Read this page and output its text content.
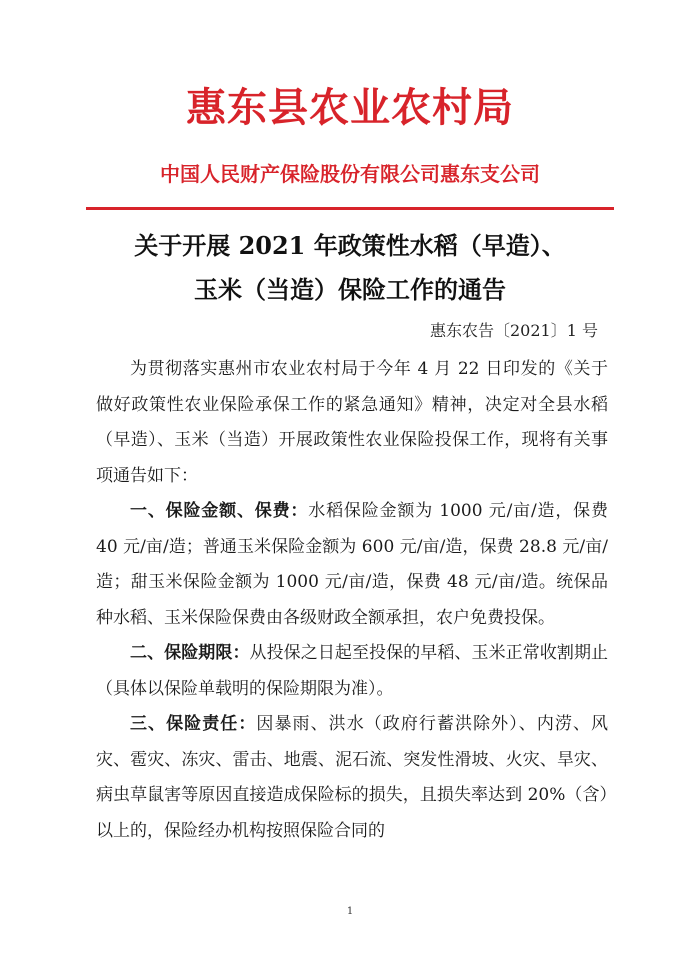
惠东县农业农村局
中国人民财产保险股份有限公司惠东支公司
关于开展 2021 年政策性水稻（早造）、
玉米（当造）保险工作的通告
惠东农告〔2021〕1 号

为贯彻落实惠州市农业农村局于今年 4 月 22 日印发的《关于做好政策性农业保险承保工作的紧急通知》精神，决定对全县水稻（早造）、玉米（当造）开展政策性农业保险投保工作，现将有关事项通告如下：

一、保险金额、保费：水稻保险金额为 1000 元/亩/造，保费 40 元/亩/造；普通玉米保险金额为 600 元/亩/造，保费 28.8 元/亩/造；甜玉米保险金额为 1000 元/亩/造，保费 48 元/亩/造。统保品种水稻、玉米保险保费由各级财政全额承担，农户免费投保。

二、保险期限：从投保之日起至投保的早稻、玉米正常收割期止（具体以保险单载明的保险期限为准）。

三、保险责任：因暴雨、洪水（政府行蓄洪除外）、内涝、风灾、雹灾、冻灾、雷击、地震、泥石流、突发性滑坡、火灾、旱灾、病虫草鼠害等原因直接造成保险标的损失，且损失率达到 20%（含）以上的，保险经办机构按照保险合同的

1
